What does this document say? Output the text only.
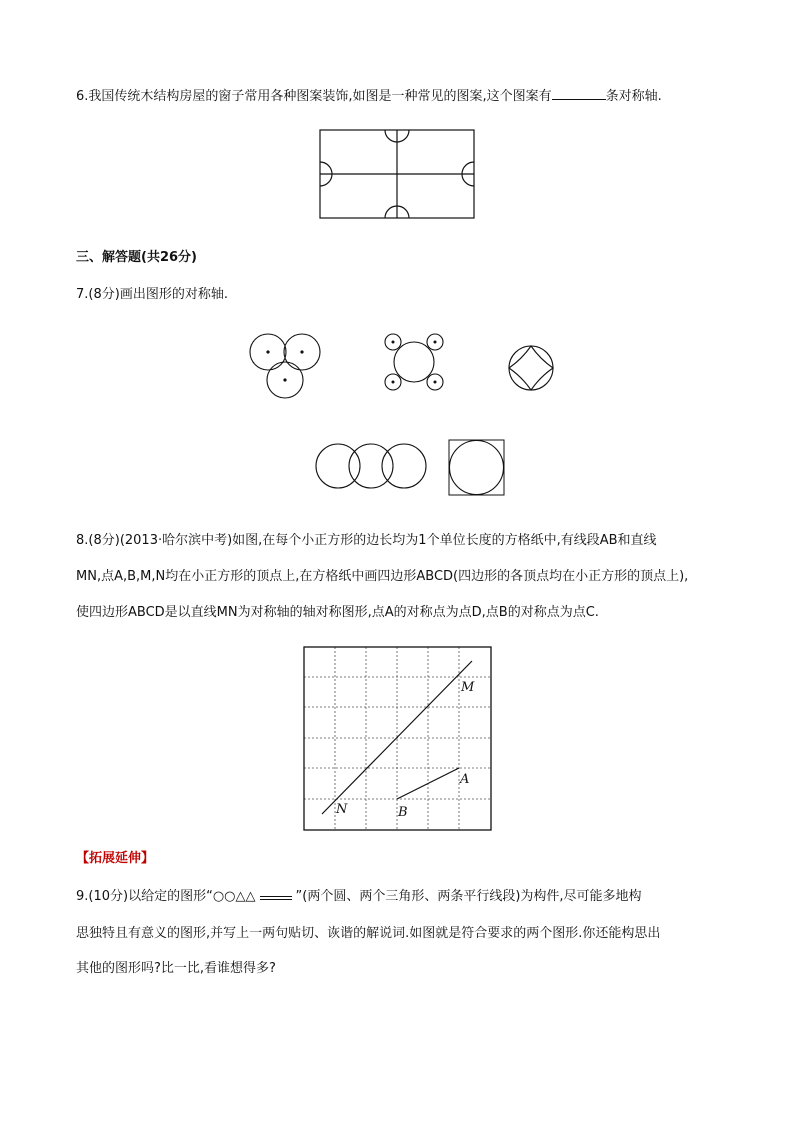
6.我国传统木结构房屋的窗子常用各种图案装饰,如图是一种常见的图案,这个图案有	条对称轴.
三、解答题(共26分)
7.(8分)画出图形的对称轴.
8.(8分)(2013·哈尔滨中考)如图,在每个小正方形的边长均为1个单位长度的方格纸中,有线段AB和直线
MN,点A,B,M,N均在小正方形的顶点上,在方格纸中画四边形ABCD(四边形的各顶点均在小正方形的顶点上),
使四边形ABCD是以直线MN为对称轴的轴对称图形,点A的对称点为点D,点B的对称点为点C.
M
A
N	B
【拓展延伸】
9.(10分)以给定的图形“○○△△	”(两个圆、两个三角形、两条平行线段)为构件,尽可能多地构
思独特且有意义的图形,并写上一两句贴切、诙谐的解说词.如图就是符合要求的两个图形.你还能构思出
其他的图形吗?比一比,看谁想得多?
